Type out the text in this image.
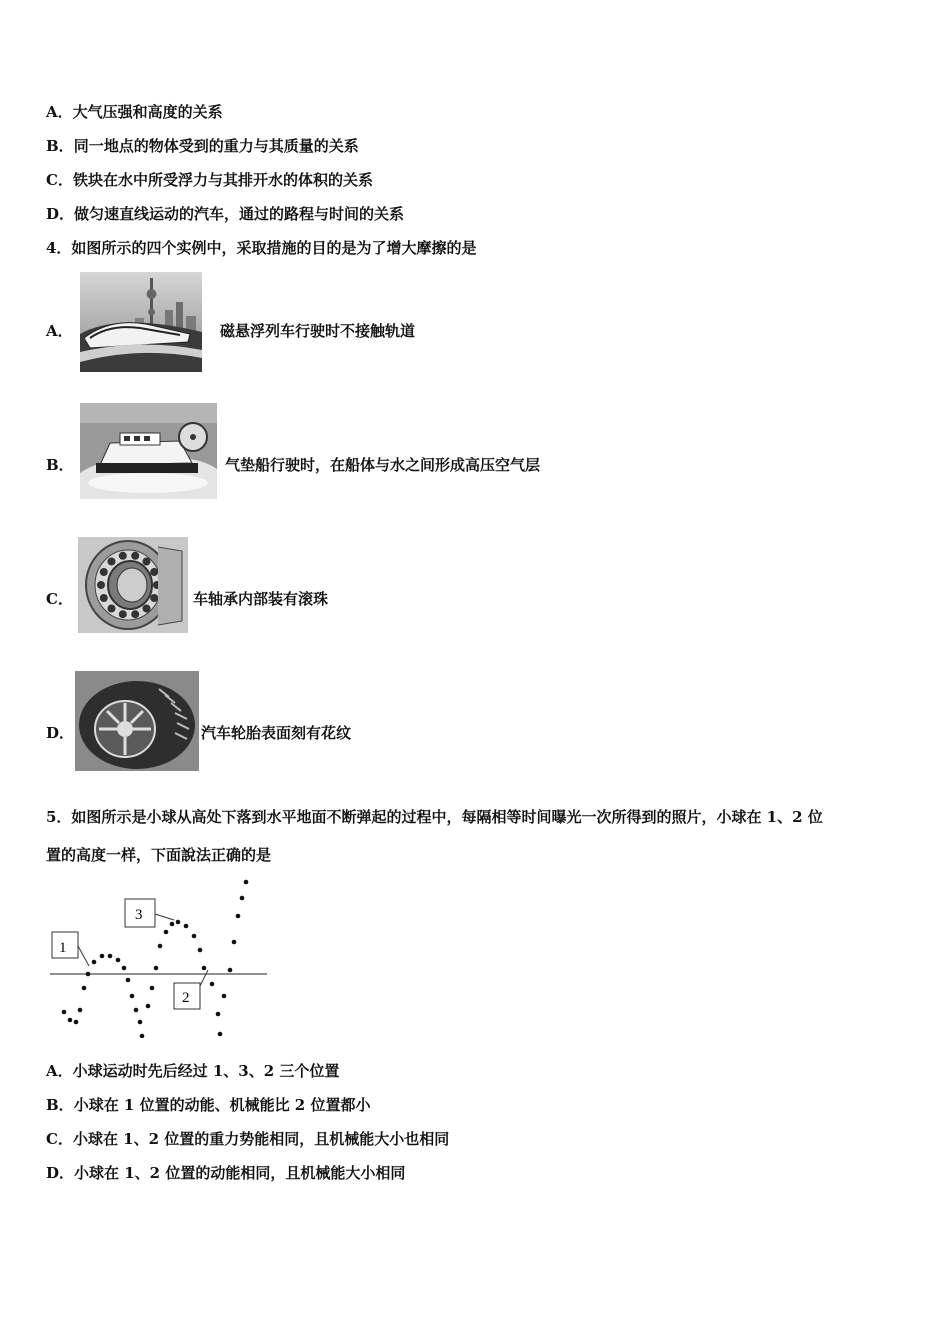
A．大气压强和高度的关系
B．同一地点的物体受到的重力与其质量的关系
C．铁块在水中所受浮力与其排开水的体积的关系
D．做匀速直线运动的汽车，通过的路程与时间的关系
4．如图所示的四个实例中，采取措施的目的是为了增大摩擦的是
A．	磁悬浮列车行驶时不接触轨道
B．	气垫船行驶时，在船体与水之间形成高压空气层
C．	车轴承内部装有滚珠
D．	汽车轮胎表面刻有花纹
5．如图所示是小球从高处下落到水平地面不断弹起的过程中，每隔相等时间曝光一次所得到的照片，小球在 1、2 位
置的高度一样，下面說法正确的是
1
3
2
A．小球运动时先后经过 1、3、2 三个位置
B．小球在 1 位置的动能、机械能比 2 位置都小
C．小球在 1、2 位置的重力势能相同，且机械能大小也相同
D．小球在 1、2 位置的动能相同，且机械能大小相同
